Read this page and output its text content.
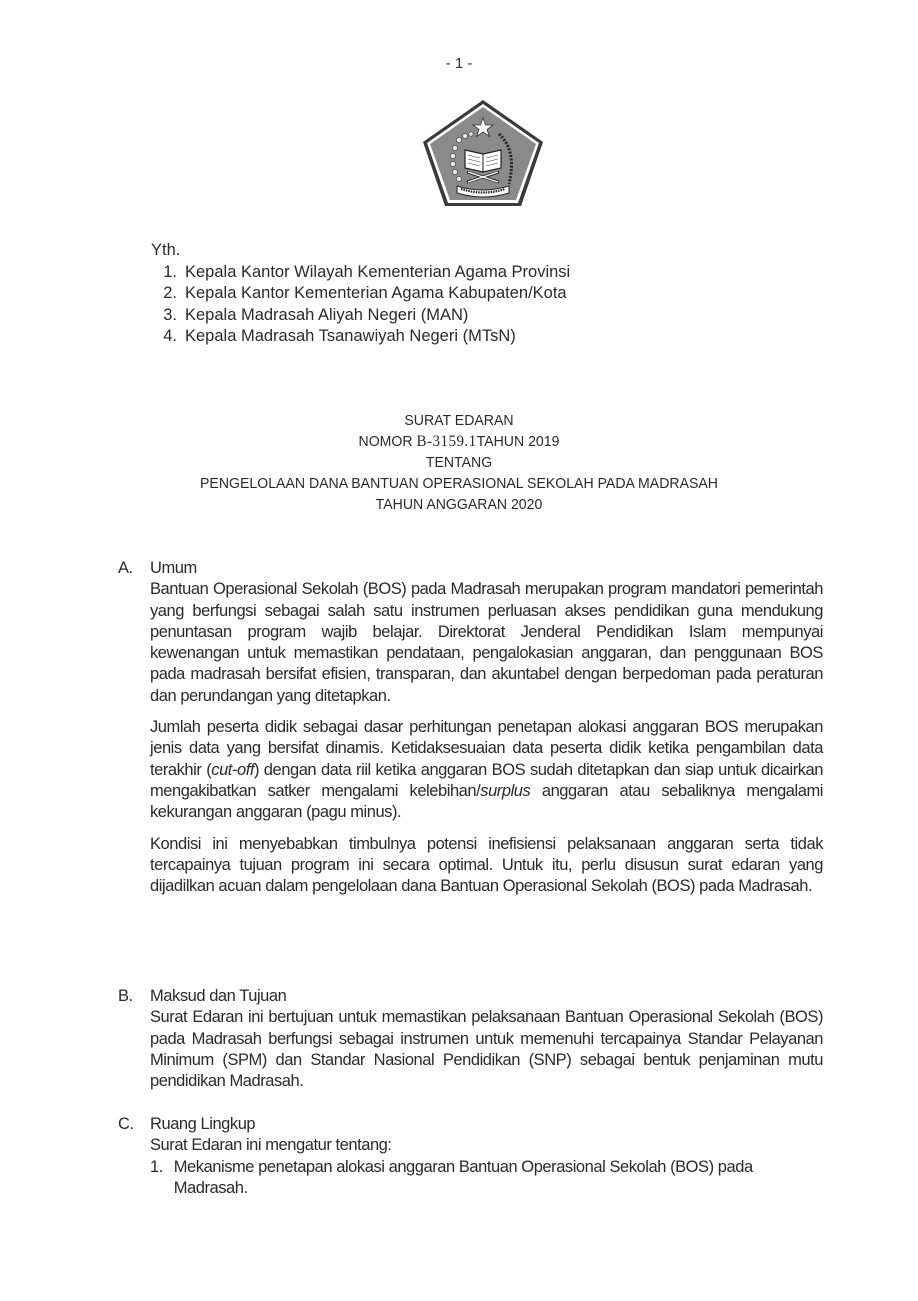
- 1 -
Yth.
1. Kepala Kantor Wilayah Kementerian Agama Provinsi
2. Kepala Kantor Kementerian Agama Kabupaten/Kota
3. Kepala Madrasah Aliyah Negeri (MAN)
4. Kepala Madrasah Tsanawiyah Negeri (MTsN)
SURAT EDARAN
NOMOR B-3159.1TAHUN 2019
TENTANG
PENGELOLAAN DANA BANTUAN OPERASIONAL SEKOLAH PADA MADRASAH
TAHUN ANGGARAN 2020
A.	Umum

Bantuan Operasional Sekolah (BOS) pada Madrasah merupakan program mandatori pemerintah yang berfungsi sebagai salah satu instrumen perluasan akses pendidikan guna mendukung penuntasan program wajib belajar. Direktorat Jenderal Pendidikan Islam mempunyai kewenangan untuk memastikan pendataan, pengalokasian anggaran, dan penggunaan BOS pada madrasah bersifat efisien, transparan, dan akuntabel dengan berpedoman pada peraturan dan perundangan yang ditetapkan.

Jumlah peserta didik sebagai dasar perhitungan penetapan alokasi anggaran BOS merupakan jenis data yang bersifat dinamis. Ketidaksesuaian data peserta didik ketika pengambilan data terakhir (cut-off) dengan data riil ketika anggaran BOS sudah ditetapkan dan siap untuk dicairkan mengakibatkan satker mengalami kelebihan/surplus anggaran atau sebaliknya mengalami kekurangan anggaran (pagu minus).

Kondisi ini menyebabkan timbulnya potensi inefisiensi pelaksanaan anggaran serta tidak tercapainya tujuan program ini secara optimal. Untuk itu, perlu disusun surat edaran yang dijadilkan acuan dalam pengelolaan dana Bantuan Operasional Sekolah (BOS) pada Madrasah.

B.	Maksud dan Tujuan

Surat Edaran ini bertujuan untuk memastikan pelaksanaan Bantuan Operasional Sekolah (BOS) pada Madrasah berfungsi sebagai instrumen untuk memenuhi tercapainya Standar Pelayanan Minimum (SPM) dan Standar Nasional Pendidikan (SNP) sebagai bentuk penjaminan mutu pendidikan Madrasah.

C. Ruang Lingkup
Surat Edaran ini mengatur tentang:
1. Mekanisme penetapan alokasi anggaran Bantuan Operasional Sekolah (BOS) pada Madrasah.
